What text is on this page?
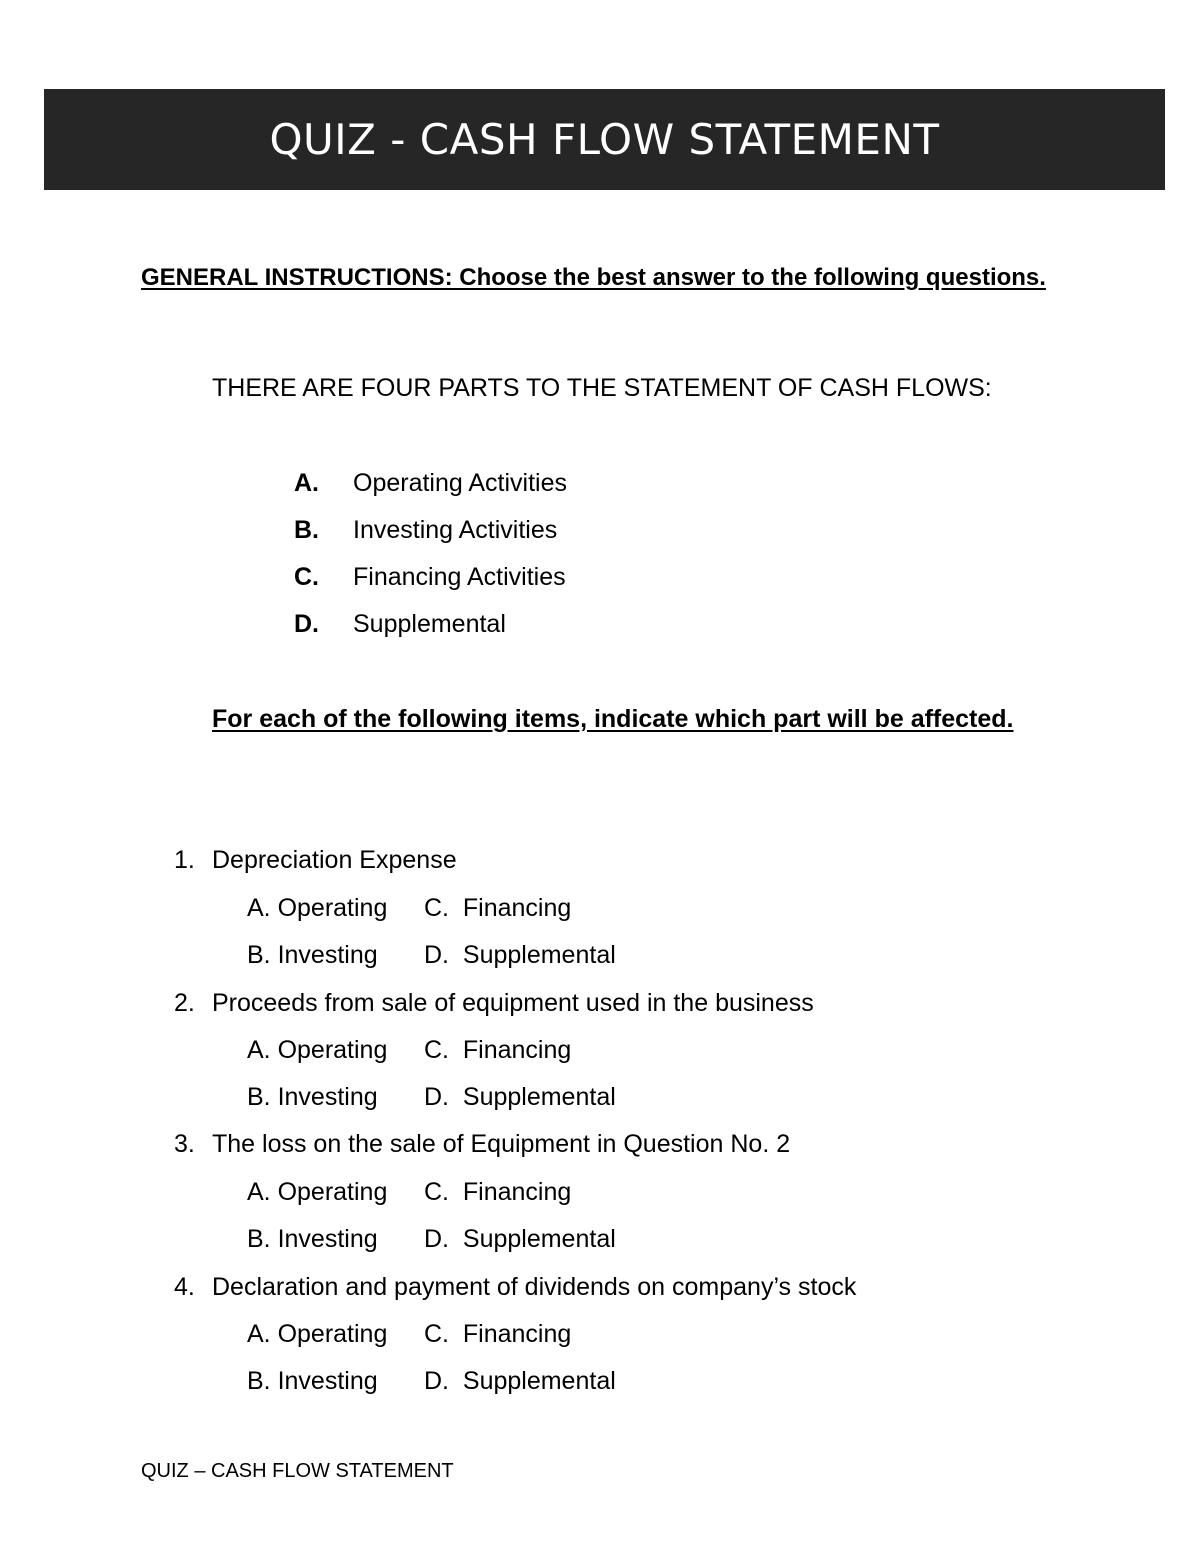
QUIZ - CASH FLOW STATEMENT
GENERAL INSTRUCTIONS: Choose the best answer to the following questions.
THERE ARE FOUR PARTS TO THE STATEMENT OF CASH FLOWS:
A.	Operating Activities
B.	Investing Activities
C.	Financing Activities
D.	Supplemental
For each of the following items, indicate which part will be affected.
1. Depreciation Expense
A. Operating C.  Financing
B. Investing D.  Supplemental
2. Proceeds from sale of equipment used in the business
A. Operating C.  Financing
B. Investing D.  Supplemental
3. The loss on the sale of Equipment in Question No. 2
A. Operating C.  Financing
B. Investing D.  Supplemental
4. Declaration and payment of dividends on company’s stock
A. Operating C.  Financing
B. Investing D.  Supplemental
QUIZ – CASH FLOW STATEMENT
